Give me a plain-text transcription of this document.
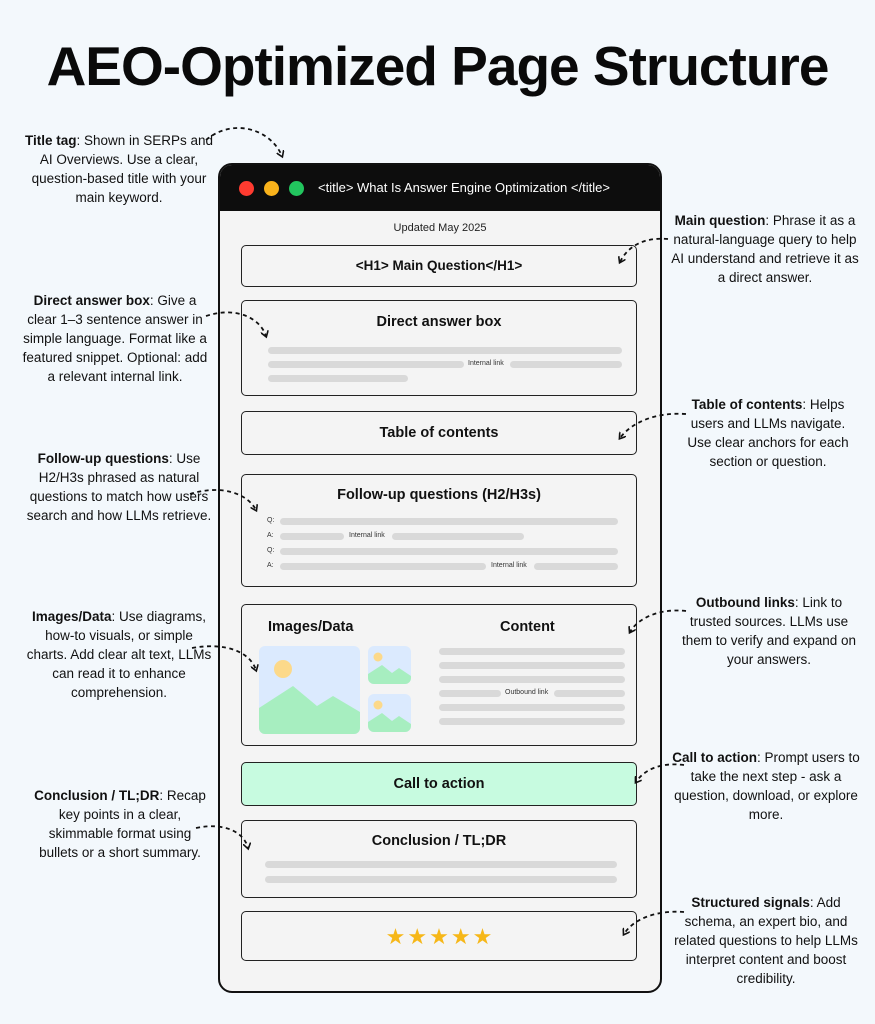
AEO-Optimized Page Structure
Title tag: Shown in SERPs and AI Overviews. Use a clear, question-based title with your main keyword.
Direct answer box: Give a clear 1–3 sentence answer in simple language. Format like a featured snippet. Optional: add a relevant internal link.
Follow-up questions: Use H2/H3s phrased as natural questions to match how users search and how LLMs retrieve.
Images/Data: Use diagrams, how-to visuals, or simple charts. Add clear alt text, LLMs can read it to enhance comprehension.
Conclusion / TL;DR: Recap key points in a clear, skimmable format using bullets or a short summary.
Main question: Phrase it as a natural-language query to help AI understand and retrieve it as a direct answer.
Table of contents: Helps users and LLMs navigate. Use clear anchors for each section or question.
Outbound links: Link to trusted sources. LLMs use them to verify and expand on your answers.
Call to action: Prompt users to take the next step - ask a question, download, or explore more.
Structured signals: Add schema, an expert bio, and related questions to help LLMs interpret content and boost credibility.
<title> What Is Answer Engine Optimization </title>
Updated May 2025
<H1> Main Question</H1>
Direct answer box
Internal link
Table of contents
Follow-up questions (H2/H3s)
Q:
A:	Internal link
Q:
A:	Internal link
Images/Data	Content
Outbound link
Call to action
Conclusion / TL;DR
★★★★★
